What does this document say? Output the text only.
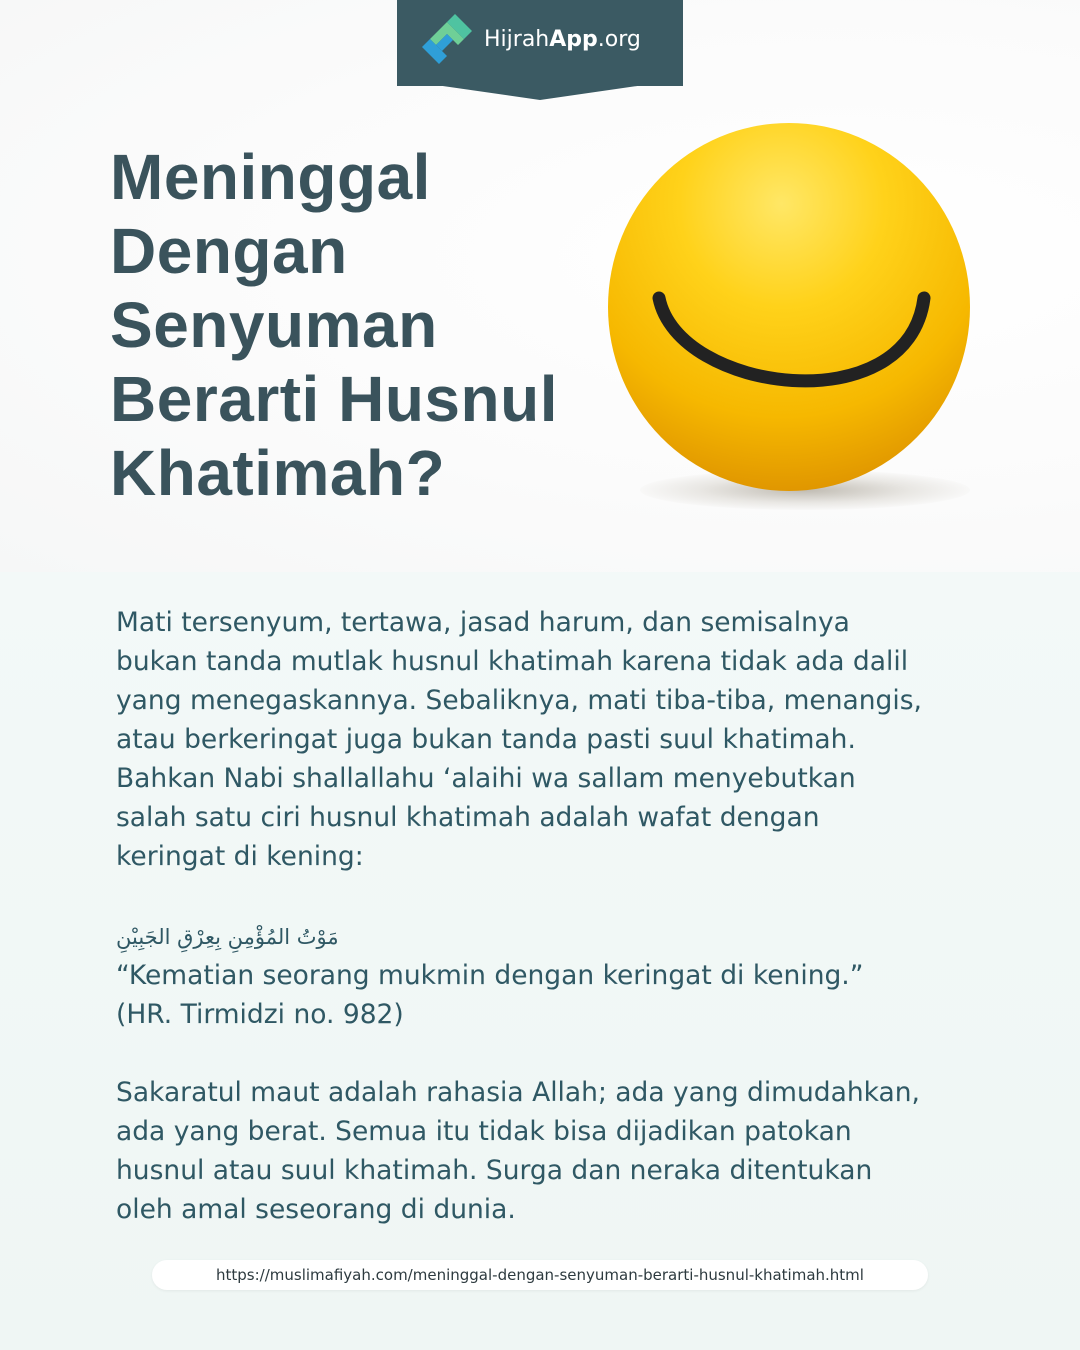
HijrahApp.org
Meninggal Dengan Senyuman Berarti Husnul Khatimah?

Mati tersenyum, tertawa, jasad harum, dan semisalnya
bukan tanda mutlak husnul khatimah karena tidak ada dalil
yang menegaskannya. Sebaliknya, mati tiba-tiba, menangis,
atau berkeringat juga bukan tanda pasti suul khatimah.
Bahkan Nabi shallallahu ‘alaihi wa sallam menyebutkan
salah satu ciri husnul khatimah adalah wafat dengan
keringat di kening:

مَوْتُ المُؤْمِنِ بِعِرْقِ الجَبِيْنِ

“Kematian seorang mukmin dengan keringat di kening.”
(HR. Tirmidzi no. 982)

Sakaratul maut adalah rahasia Allah; ada yang dimudahkan,
ada yang berat. Semua itu tidak bisa dijadikan patokan
husnul atau suul khatimah. Surga dan neraka ditentukan
oleh amal seseorang di dunia.

https://muslimafiyah.com/meninggal-dengan-senyuman-berarti-husnul-khatimah.html
